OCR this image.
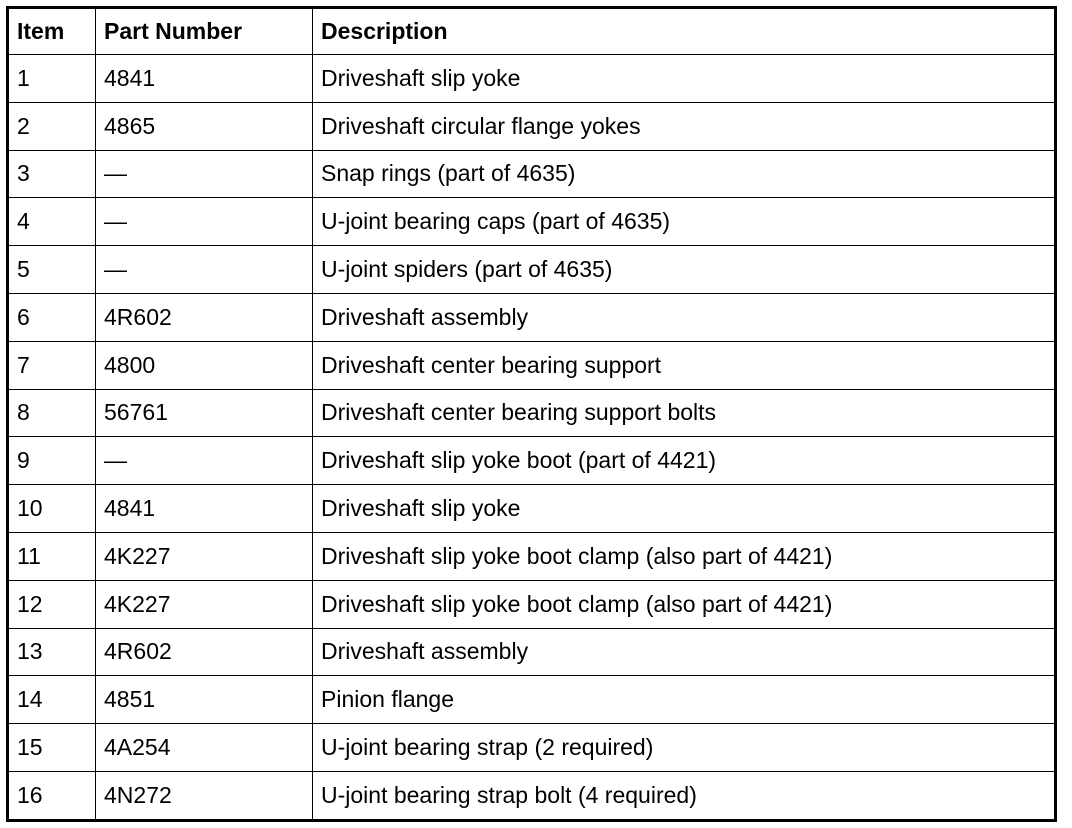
Item	Part Number	Description
1	4841	Driveshaft slip yoke
2	4865	Driveshaft circular flange yokes
3	—	Snap rings (part of 4635)
4	—	U-joint bearing caps (part of 4635)
5	—	U-joint spiders (part of 4635)
6	4R602	Driveshaft assembly
7	4800	Driveshaft center bearing support
8	56761	Driveshaft center bearing support bolts
9	—	Driveshaft slip yoke boot (part of 4421)
10	4841	Driveshaft slip yoke
11	4K227	Driveshaft slip yoke boot clamp (also part of 4421)
12	4K227	Driveshaft slip yoke boot clamp (also part of 4421)
13	4R602	Driveshaft assembly
14	4851	Pinion flange
15	4A254	U-joint bearing strap (2 required)
16	4N272	U-joint bearing strap bolt (4 required)
